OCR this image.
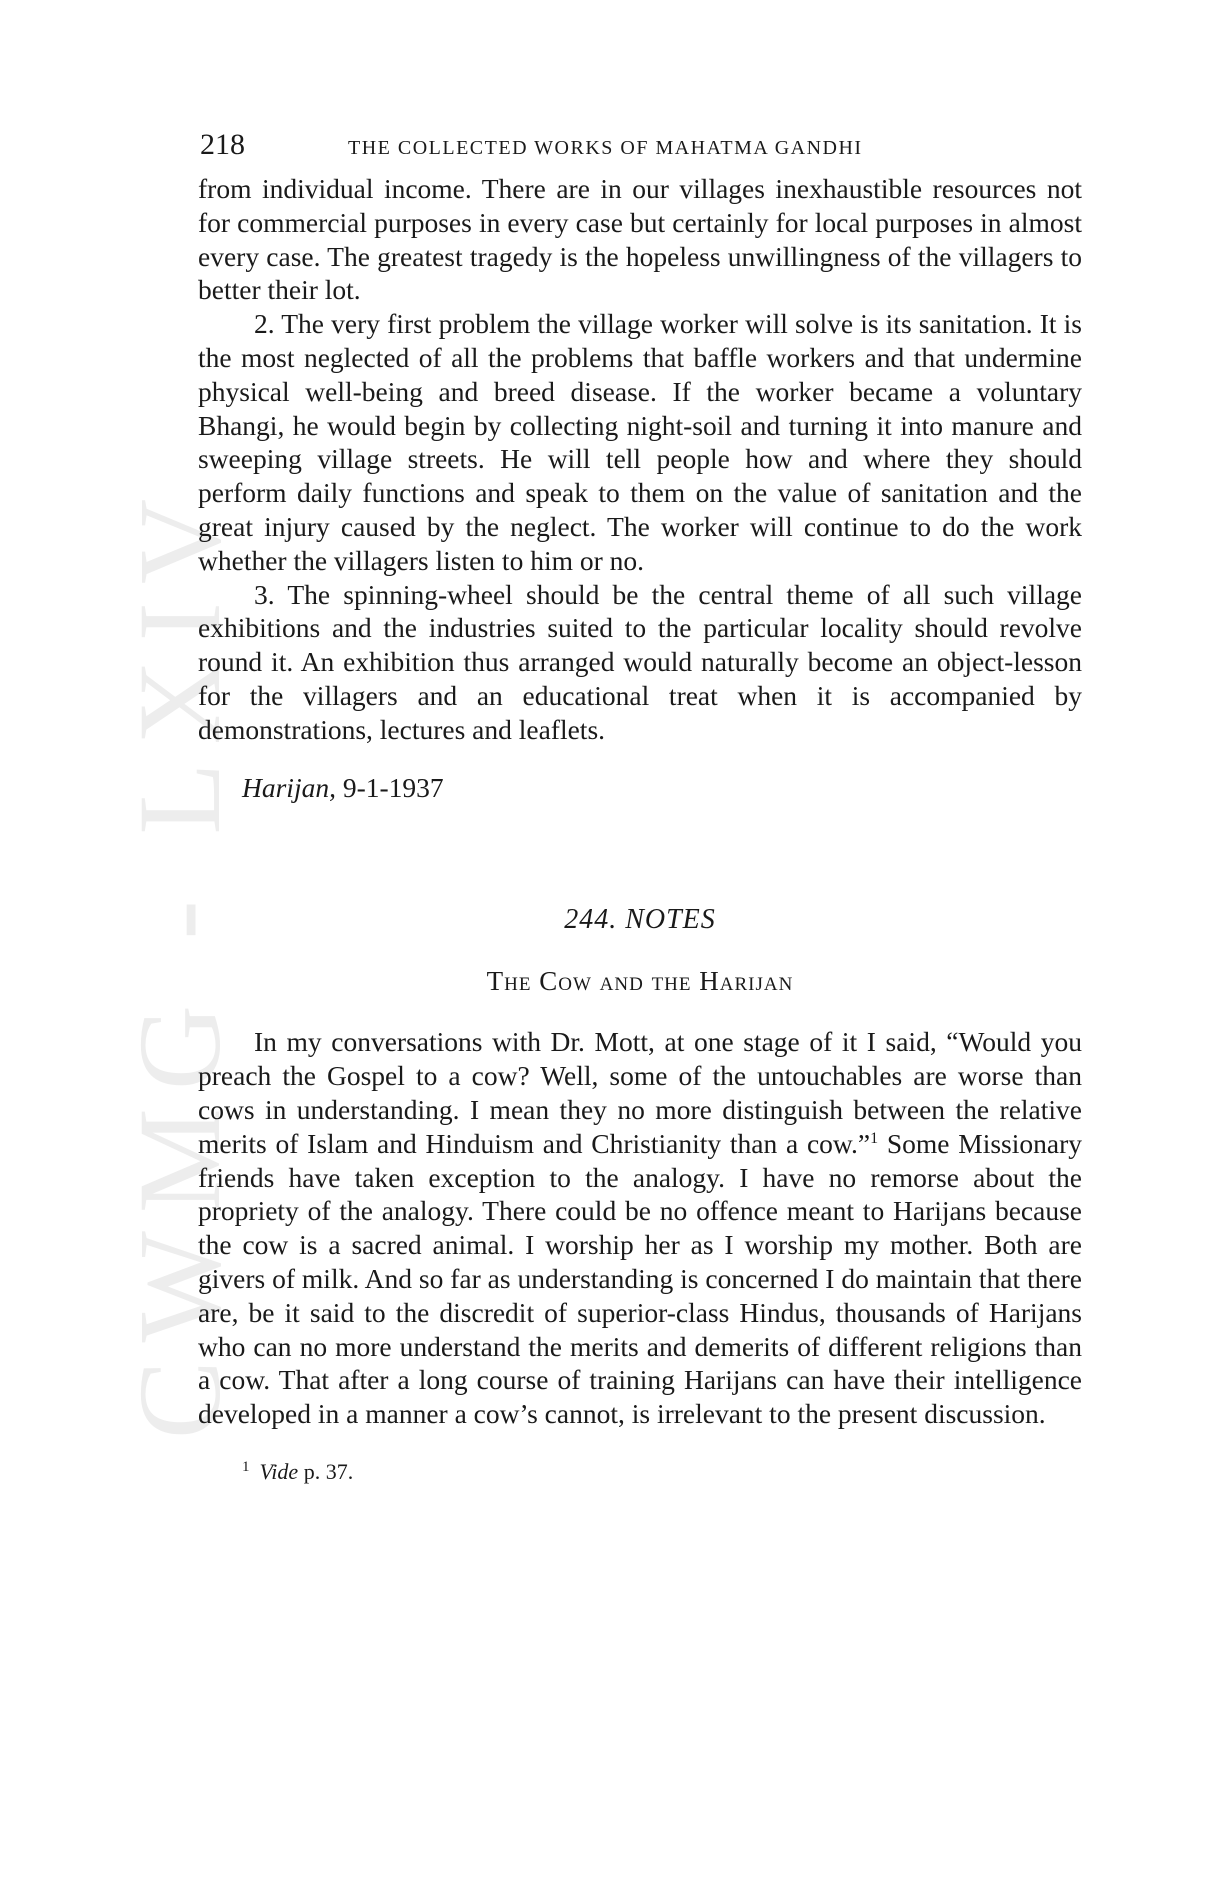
CWMG - LXIV
218	THE COLLECTED WORKS OF MAHATMA GANDHI

from individual income. There are in our villages inexhaustible resources not for commercial purposes in every case but certainly for local purposes in almost every case. The greatest tragedy is the hopeless unwillingness of the villagers to better their lot.

2. The very first problem the village worker will solve is its sanitation. It is the most neglected of all the problems that baffle workers and that undermine physical well-being and breed disease. If the worker became a voluntary Bhangi, he would begin by collecting night-soil and turning it into manure and sweeping village streets. He will tell people how and where they should perform daily functions and speak to them on the value of sanitation and the great injury caused by the neglect. The worker will continue to do the work whether the villagers listen to him or no.

3. The spinning-wheel should be the central theme of all such village exhibitions and the industries suited to the particular locality should revolve round it. An exhibition thus arranged would naturally become an object-lesson for the villagers and an educational treat when it is accompanied by demonstrations, lectures and leaflets.

Harijan, 9-1-1937
244. NOTES
The Cow and the Harijan

In my conversations with Dr. Mott, at one stage of it I said, “Would you preach the Gospel to a cow? Well, some of the untouchables are worse than cows in understanding. I mean they no more distinguish between the relative merits of Islam and Hinduism and Christianity than a cow.”$^1$ Some Missionary friends have taken exception to the analogy. I have no remorse about the propriety of the analogy. There could be no offence meant to Harijans because the cow is a sacred animal. I worship her as I worship my mother. Both are givers of milk. And so far as understanding is concerned I do maintain that there are, be it said to the discredit of superior-class Hindus, thousands of Harijans who can no more understand the merits and demerits of different religions than a cow. That after a long course of training Harijans can have their intelligence developed in a manner a cow’s cannot, is irrelevant to the present discussion.

$^1$ Vide p. 37.
